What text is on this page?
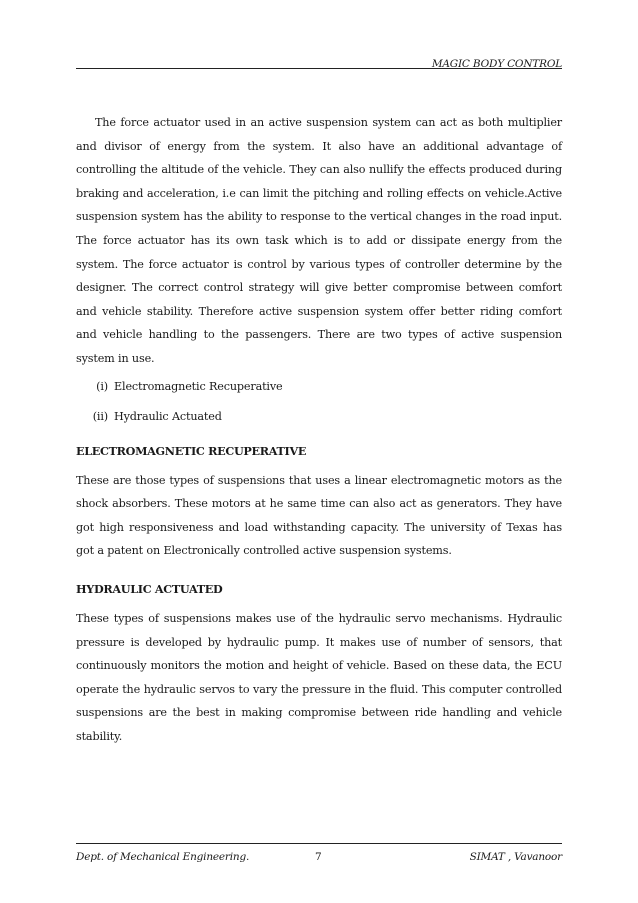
MAGIC BODY CONTROL

The force actuator used in an active suspension system can act as both multiplier and divisor of energy from the system. It also have an additional advantage of controlling the altitude of the vehicle. They can also nullify the effects produced during braking and acceleration, i.e can limit the pitching and rolling effects on vehicle.Active suspension system has the ability to response to the vertical changes in the road input. The force actuator has its own task which is to add or dissipate energy from the system. The force actuator is control by various types of controller determine by the designer. The correct control strategy will give better compromise between comfort and vehicle stability. Therefore active suspension system offer better riding comfort and vehicle handling to the passengers. There are two types of active suspension system in use.

(i) Electromagnetic Recuperative
(ii) Hydraulic Actuated
ELECTROMAGNETIC RECUPERATIVE

These are those types of suspensions that uses a linear electromagnetic motors as the shock absorbers. These motors at he same time can also act as generators. They have got high responsiveness and load withstanding capacity. The university of Texas has got a patent on Electronically controlled active suspension systems.

HYDRAULIC ACTUATED

These types of suspensions makes use of the hydraulic servo mechanisms. Hydraulic pressure is developed by hydraulic pump. It makes use of number of sensors, that continuously monitors the motion and height of vehicle. Based on these data, the ECU operate the hydraulic servos to vary the pressure in the fluid. This computer controlled suspensions are the best in making compromise between ride handling and vehicle stability.

Dept. of Mechanical Engineering.	7	SIMAT , Vavanoor
